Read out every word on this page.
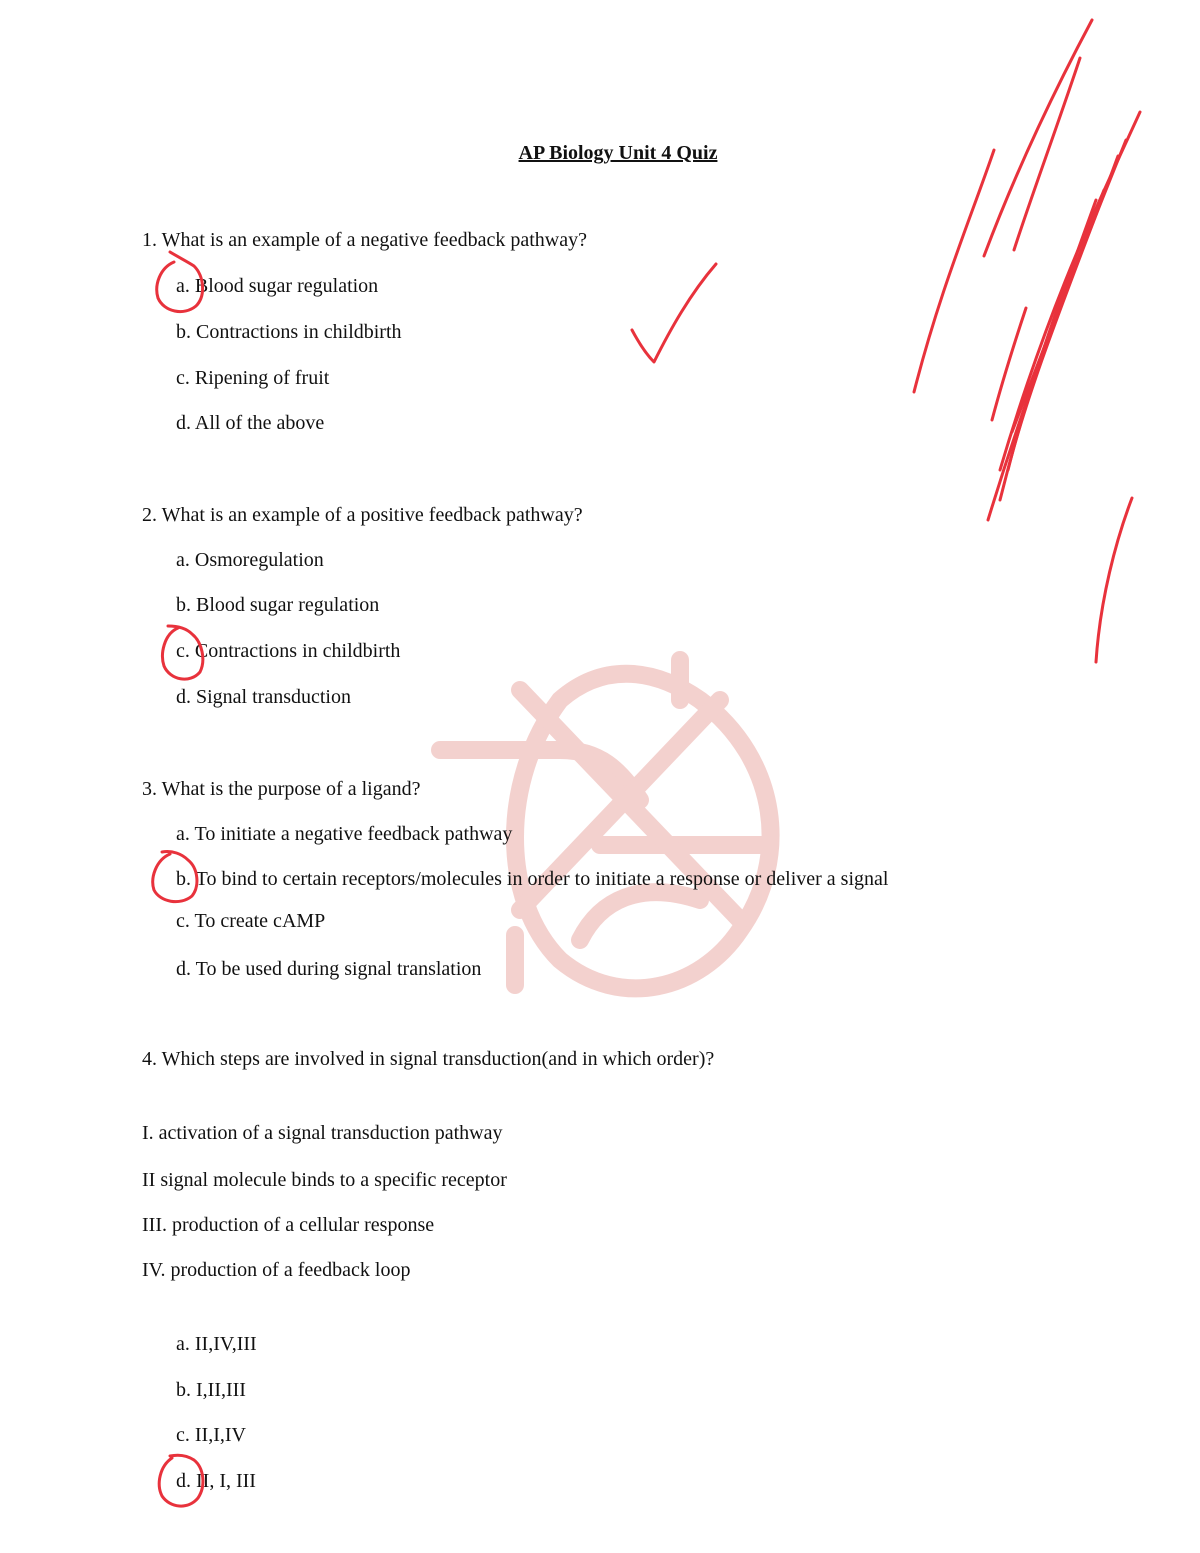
AP Biology Unit 4 Quiz
1. What is an example of a negative feedback pathway?
a. Blood sugar regulation
b. Contractions in childbirth
c. Ripening of fruit
d. All of the above
2. What is an example of a positive feedback pathway?
a. Osmoregulation
b. Blood sugar regulation
c. Contractions in childbirth
d. Signal transduction
3. What is the purpose of a ligand?
a. To initiate a negative feedback pathway
b. To bind to certain receptors/molecules in order to initiate a response or deliver a signal
c. To create cAMP
d. To be used during signal translation
4. Which steps are involved in signal transduction(and in which order)?
I. activation of a signal transduction pathway
II signal molecule binds to a specific receptor
III. production of a cellular response
IV. production of a feedback loop
a. II,IV,III
b. I,II,III
c. II,I,IV
d. II, I, III
